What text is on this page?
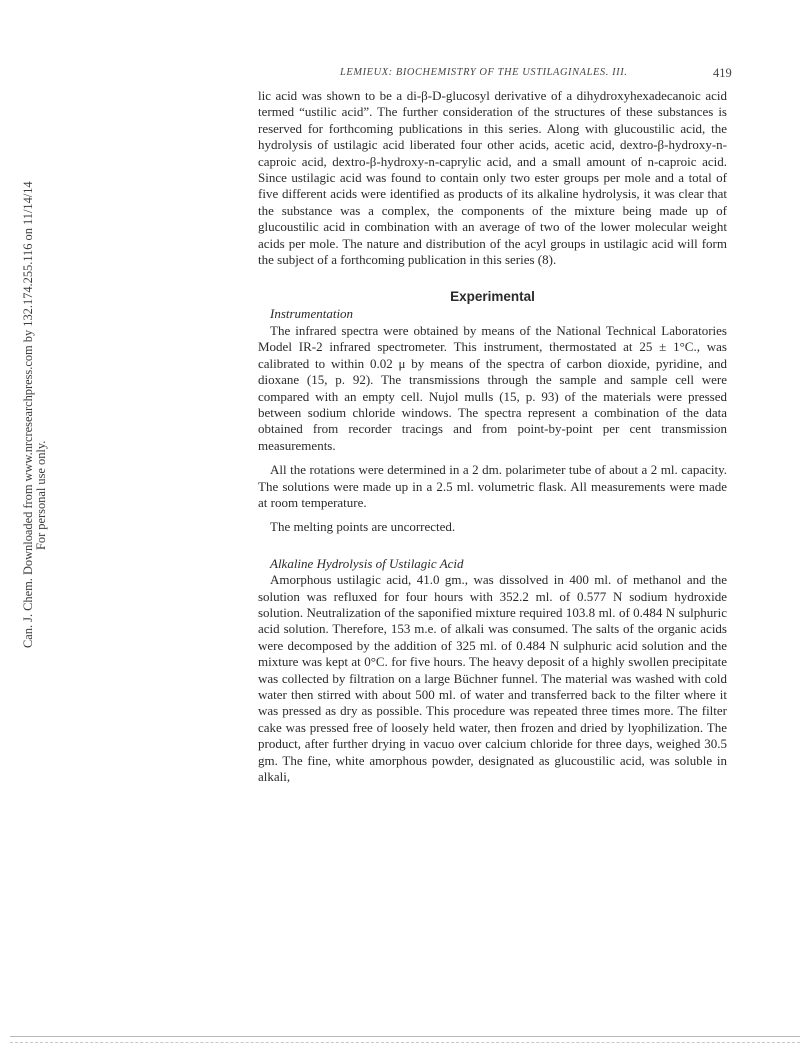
Can. J. Chem. Downloaded from www.nrcresearchpress.com by 132.174.255.116 on 11/14/14 For personal use only.
LEMIEUX: BIOCHEMISTRY OF THE USTILAGINALES. III.	419

lic acid was shown to be a di-β-D-glucosyl derivative of a dihydroxyhexadecanoic acid termed “ustilic acid”. The further consideration of the structures of these substances is reserved for forthcoming publications in this series. Along with glucoustilic acid, the hydrolysis of ustilagic acid liberated four other acids, acetic acid, dextro-β-hydroxy-n-caproic acid, dextro-β-hydroxy-n-caprylic acid, and a small amount of n-caproic acid. Since ustilagic acid was found to contain only two ester groups per mole and a total of five different acids were identified as products of its alkaline hydrolysis, it was clear that the substance was a complex, the components of the mixture being made up of glucoustilic acid in combination with an average of two of the lower molecular weight acids per mole. The nature and distribution of the acyl groups in ustilagic acid will form the subject of a forthcoming publication in this series (8).

Experimental

Instrumentation

The infrared spectra were obtained by means of the National Technical Laboratories Model IR-2 infrared spectrometer. This instrument, thermostated at 25 ± 1°C., was calibrated to within 0.02 μ by means of the spectra of carbon dioxide, pyridine, and dioxane (15, p. 92). The transmissions through the sample and sample cell were compared with an empty cell. Nujol mulls (15, p. 93) of the materials were pressed between sodium chloride windows. The spectra represent a combination of the data obtained from recorder tracings and from point-by-point per cent transmission measurements.

All the rotations were determined in a 2 dm. polarimeter tube of about a 2 ml. capacity. The solutions were made up in a 2.5 ml. volumetric flask. All measurements were made at room temperature.

The melting points are uncorrected.

Alkaline Hydrolysis of Ustilagic Acid

Amorphous ustilagic acid, 41.0 gm., was dissolved in 400 ml. of methanol and the solution was refluxed for four hours with 352.2 ml. of 0.577 N sodium hydroxide solution. Neutralization of the saponified mixture required 103.8 ml. of 0.484 N sulphuric acid solution. Therefore, 153 m.e. of alkali was consumed. The salts of the organic acids were decomposed by the addition of 325 ml. of 0.484 N sulphuric acid solution and the mixture was kept at 0°C. for five hours. The heavy deposit of a highly swollen precipitate was collected by filtration on a large Büchner funnel. The material was washed with cold water then stirred with about 500 ml. of water and transferred back to the filter where it was pressed as dry as possible. This procedure was repeated three times more. The filter cake was pressed free of loosely held water, then frozen and dried by lyophilization. The product, after further drying in vacuo over calcium chloride for three days, weighed 30.5 gm. The fine, white amorphous powder, designated as glucoustilic acid, was soluble in alkali,
